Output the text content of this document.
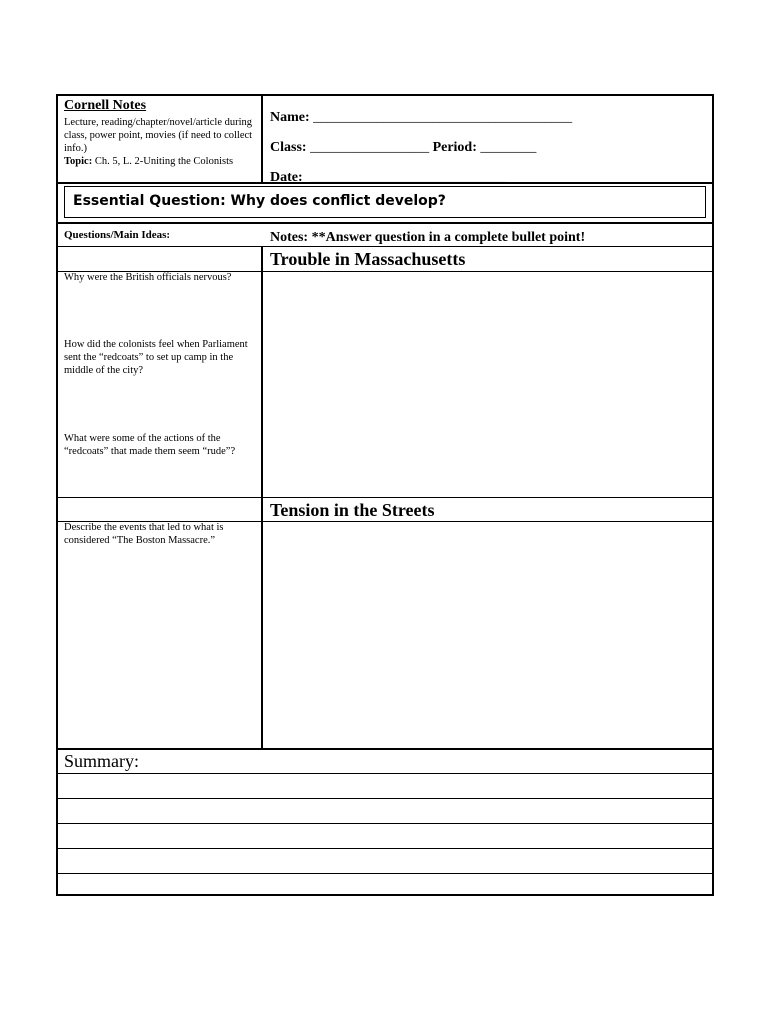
Cornell Notes
Lecture, reading/chapter/novel/article during class, power point, movies (if need to collect info.)
Topic: Ch. 5, L. 2-Uniting the Colonists
Name: _____________________________________
Class: _________________ Period: ________
Date: ____________________________
Essential Question: Why does conflict develop?
Questions/Main Ideas:	Notes: **Answer question in a complete bullet point!
Trouble in Massachusetts
Why were the British officials nervous?
How did the colonists feel when Parliament sent the “redcoats” to set up camp in the middle of the city?
What were some of the actions of the “redcoats” that made them seem “rude”?
Tension in the Streets
Describe the events that led to what is considered “The Boston Massacre.”
Summary:
